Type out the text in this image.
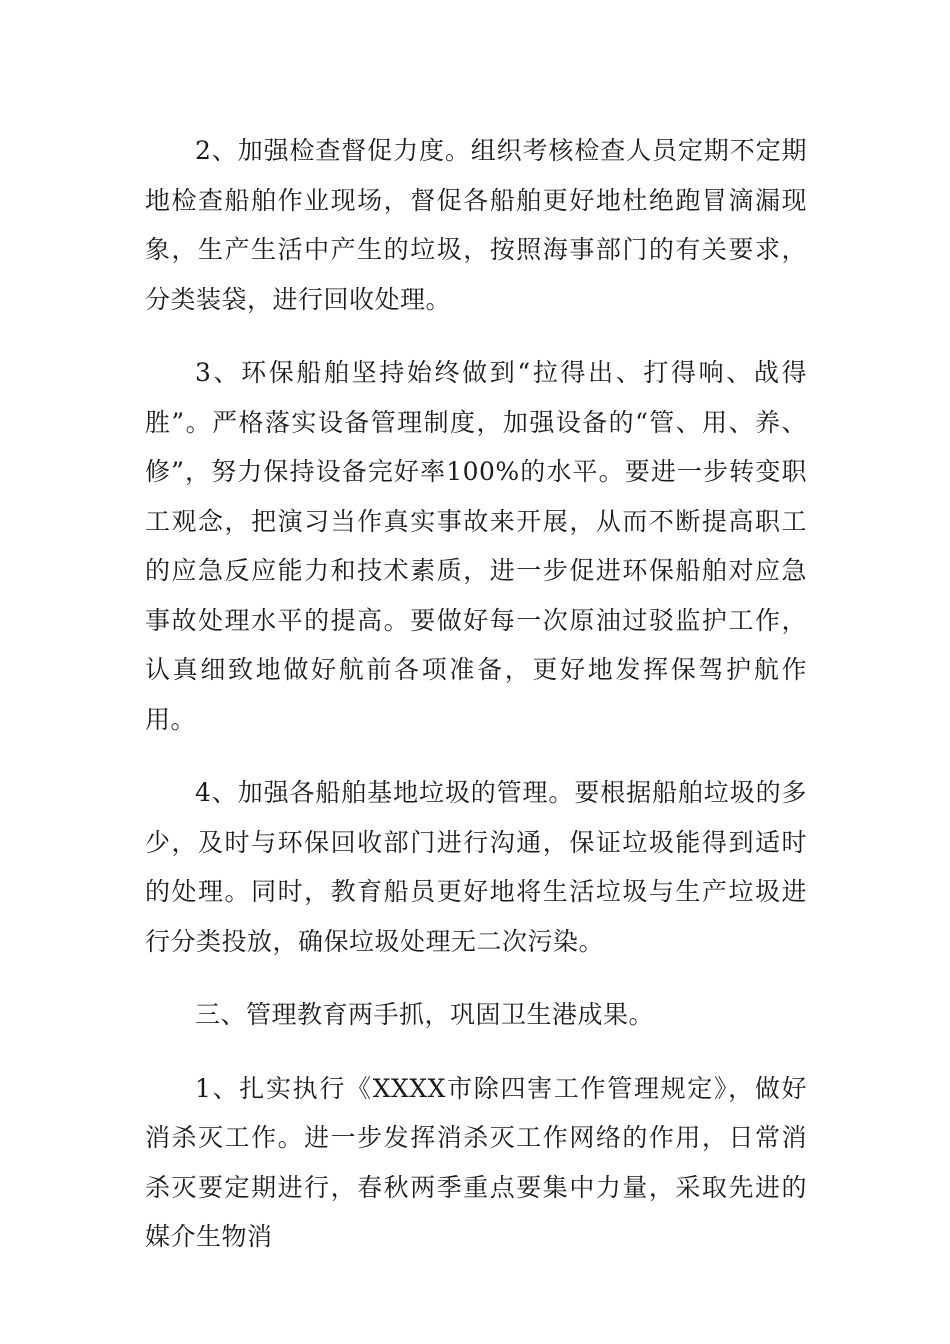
2、加强检查督促力度。组织考核检查人员定期不定期地检查船舶作业现场，督促各船舶更好地杜绝跑冒滴漏现象，生产生活中产生的垃圾，按照海事部门的有关要求，分类装袋，进行回收处理。

3、环保船舶坚持始终做到“拉得出、打得响、战得胜”。严格落实设备管理制度，加强设备的“管、用、养、修”，努力保持设备完好率100%的水平。要进一步转变职工观念，把演习当作真实事故来开展，从而不断提高职工的应急反应能力和技术素质，进一步促进环保船舶对应急事故处理水平的提高。要做好每一次原油过驳监护工作，认真细致地做好航前各项准备，更好地发挥保驾护航作用。

4、加强各船舶基地垃圾的管理。要根据船舶垃圾的多少，及时与环保回收部门进行沟通，保证垃圾能得到适时的处理。同时，教育船员更好地将生活垃圾与生产垃圾进行分类投放，确保垃圾处理无二次污染。

三、管理教育两手抓，巩固卫生港成果。

1、扎实执行《XXXX市除四害工作管理规定》，做好消杀灭工作。进一步发挥消杀灭工作网络的作用，日常消杀灭要定期进行，春秋两季重点要集中力量，采取先进的媒介生物消
